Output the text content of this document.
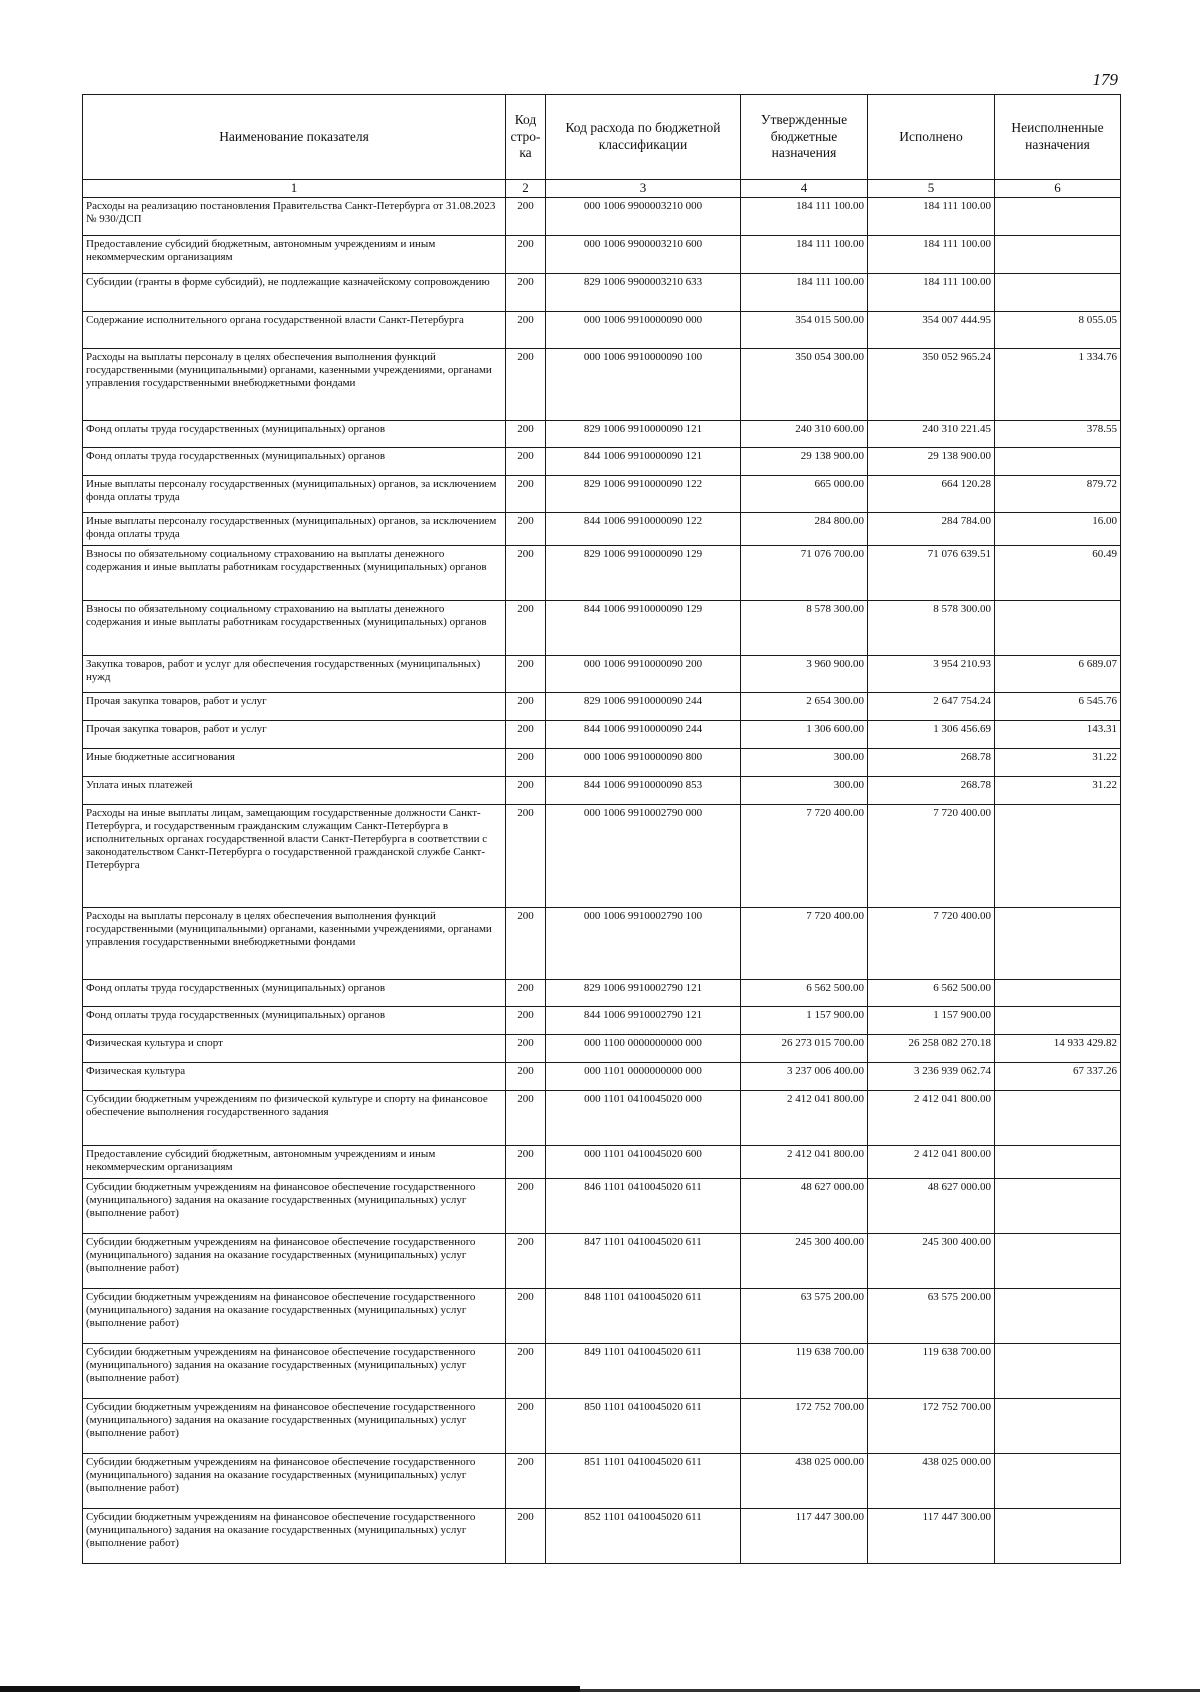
179
Наименование показателя	Код стро-ка	Код расхода по бюджетной классификации	Утвержденные бюджетные назначения	Исполнено	Неисполненные назначения
1	2	3	4	5	6
Расходы на реализацию постановления Правительства Санкт-Петербурга от 31.08.2023 № 930/ДСП	200	000 1006 9900003210 000	184 111 100.00	184 111 100.00	
Предоставление субсидий бюджетным, автономным учреждениям и иным некоммерческим организациям	200	000 1006 9900003210 600	184 111 100.00	184 111 100.00	
Субсидии (гранты в форме субсидий), не подлежащие казначейскому сопровождению	200	829 1006 9900003210 633	184 111 100.00	184 111 100.00	
Содержание исполнительного органа государственной власти Санкт-Петербурга	200	000 1006 9910000090 000	354 015 500.00	354 007 444.95	8 055.05
Расходы на выплаты персоналу в целях обеспечения выполнения функций государственными (муниципальными) органами, казенными учреждениями, органами управления государственными внебюджетными фондами	200	000 1006 9910000090 100	350 054 300.00	350 052 965.24	1 334.76
Фонд оплаты труда государственных (муниципальных) органов	200	829 1006 9910000090 121	240 310 600.00	240 310 221.45	378.55
Фонд оплаты труда государственных (муниципальных) органов	200	844 1006 9910000090 121	29 138 900.00	29 138 900.00	
Иные выплаты персоналу государственных (муниципальных) органов, за исключением фонда оплаты труда	200	829 1006 9910000090 122	665 000.00	664 120.28	879.72
Иные выплаты персоналу государственных (муниципальных) органов, за исключением фонда оплаты труда	200	844 1006 9910000090 122	284 800.00	284 784.00	16.00
Взносы по обязательному социальному страхованию на выплаты денежного содержания и иные выплаты работникам государственных (муниципальных) органов	200	829 1006 9910000090 129	71 076 700.00	71 076 639.51	60.49
Взносы по обязательному социальному страхованию на выплаты денежного содержания и иные выплаты работникам государственных (муниципальных) органов	200	844 1006 9910000090 129	8 578 300.00	8 578 300.00	
Закупка товаров, работ и услуг для обеспечения государственных (муниципальных) нужд	200	000 1006 9910000090 200	3 960 900.00	3 954 210.93	6 689.07
Прочая закупка товаров, работ и услуг	200	829 1006 9910000090 244	2 654 300.00	2 647 754.24	6 545.76
Прочая закупка товаров, работ и услуг	200	844 1006 9910000090 244	1 306 600.00	1 306 456.69	143.31
Иные бюджетные ассигнования	200	000 1006 9910000090 800	300.00	268.78	31.22
Уплата иных платежей	200	844 1006 9910000090 853	300.00	268.78	31.22
Расходы на иные выплаты лицам, замещающим государственные должности Санкт-Петербурга, и государственным гражданским служащим Санкт-Петербурга в исполнительных органах государственной власти Санкт-Петербурга в соответствии с законодательством Санкт-Петербурга о государственной гражданской службе Санкт-Петербурга	200	000 1006 9910002790 000	7 720 400.00	7 720 400.00	
Расходы на выплаты персоналу в целях обеспечения выполнения функций государственными (муниципальными) органами, казенными учреждениями, органами управления государственными внебюджетными фондами	200	000 1006 9910002790 100	7 720 400.00	7 720 400.00	
Фонд оплаты труда государственных (муниципальных) органов	200	829 1006 9910002790 121	6 562 500.00	6 562 500.00	
Фонд оплаты труда государственных (муниципальных) органов	200	844 1006 9910002790 121	1 157 900.00	1 157 900.00	
Физическая культура и спорт	200	000 1100 0000000000 000	26 273 015 700.00	26 258 082 270.18	14 933 429.82
Физическая культура	200	000 1101 0000000000 000	3 237 006 400.00	3 236 939 062.74	67 337.26
Субсидии бюджетным учреждениям по физической культуре и спорту на финансовое обеспечение выполнения государственного задания	200	000 1101 0410045020 000	2 412 041 800.00	2 412 041 800.00	
Предоставление субсидий бюджетным, автономным учреждениям и иным некоммерческим организациям	200	000 1101 0410045020 600	2 412 041 800.00	2 412 041 800.00	
Субсидии бюджетным учреждениям на финансовое обеспечение государственного (муниципального) задания на оказание государственных (муниципальных) услуг (выполнение работ)	200	846 1101 0410045020 611	48 627 000.00	48 627 000.00	
Субсидии бюджетным учреждениям на финансовое обеспечение государственного (муниципального) задания на оказание государственных (муниципальных) услуг (выполнение работ)	200	847 1101 0410045020 611	245 300 400.00	245 300 400.00	
Субсидии бюджетным учреждениям на финансовое обеспечение государственного (муниципального) задания на оказание государственных (муниципальных) услуг (выполнение работ)	200	848 1101 0410045020 611	63 575 200.00	63 575 200.00	
Субсидии бюджетным учреждениям на финансовое обеспечение государственного (муниципального) задания на оказание государственных (муниципальных) услуг (выполнение работ)	200	849 1101 0410045020 611	119 638 700.00	119 638 700.00	
Субсидии бюджетным учреждениям на финансовое обеспечение государственного (муниципального) задания на оказание государственных (муниципальных) услуг (выполнение работ)	200	850 1101 0410045020 611	172 752 700.00	172 752 700.00	
Субсидии бюджетным учреждениям на финансовое обеспечение государственного (муниципального) задания на оказание государственных (муниципальных) услуг (выполнение работ)	200	851 1101 0410045020 611	438 025 000.00	438 025 000.00	
Субсидии бюджетным учреждениям на финансовое обеспечение государственного (муниципального) задания на оказание государственных (муниципальных) услуг (выполнение работ)	200	852 1101 0410045020 611	117 447 300.00	117 447 300.00	
